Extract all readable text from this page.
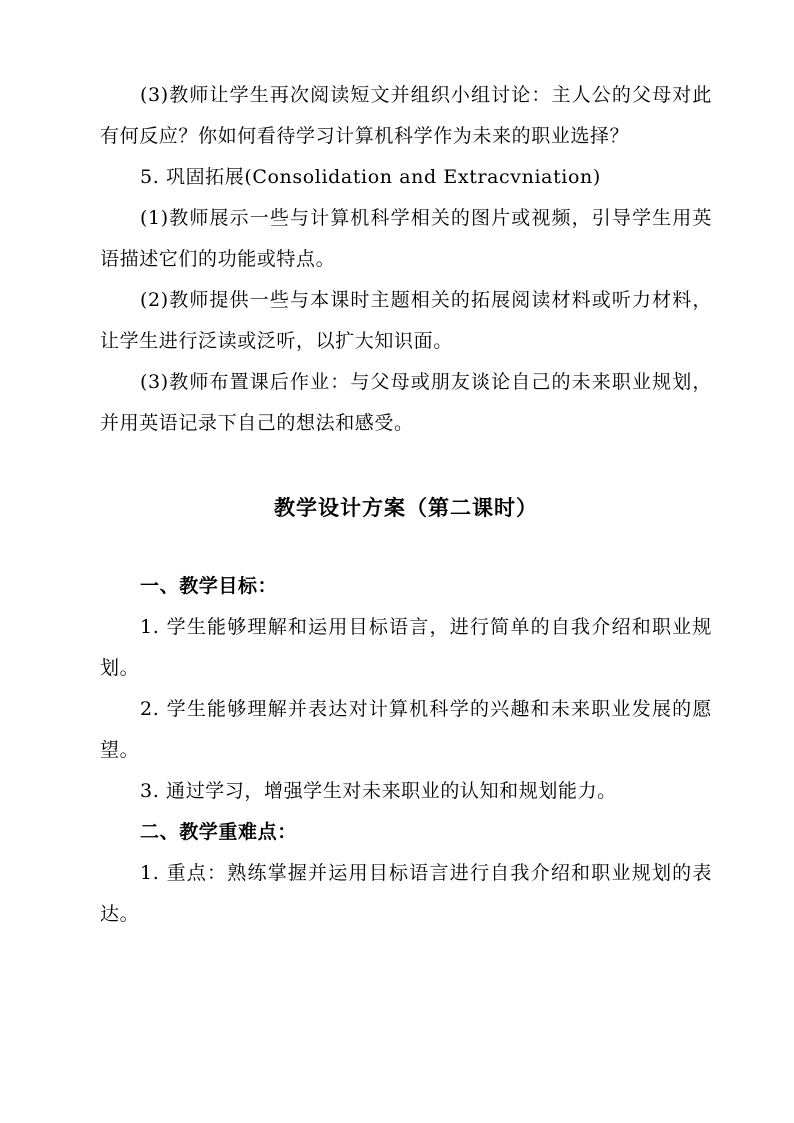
(3)教师让学生再次阅读短文并组织小组讨论：主人公的父母对此有何反应？你如何看待学习计算机科学作为未来的职业选择？

5. 巩固拓展(Consolidation and Extracvniation)

(1)教师展示一些与计算机科学相关的图片或视频，引导学生用英语描述它们的功能或特点。

(2)教师提供一些与本课时主题相关的拓展阅读材料或听力材料，让学生进行泛读或泛听，以扩大知识面。

(3)教师布置课后作业：与父母或朋友谈论自己的未来职业规划，并用英语记录下自己的想法和感受。

教学设计方案（第二课时）

一、教学目标：

1. 学生能够理解和运用目标语言，进行简单的自我介绍和职业规划。

2. 学生能够理解并表达对计算机科学的兴趣和未来职业发展的愿望。

3. 通过学习，增强学生对未来职业的认知和规划能力。

二、教学重难点：

1. 重点：熟练掌握并运用目标语言进行自我介绍和职业规划的表达。
